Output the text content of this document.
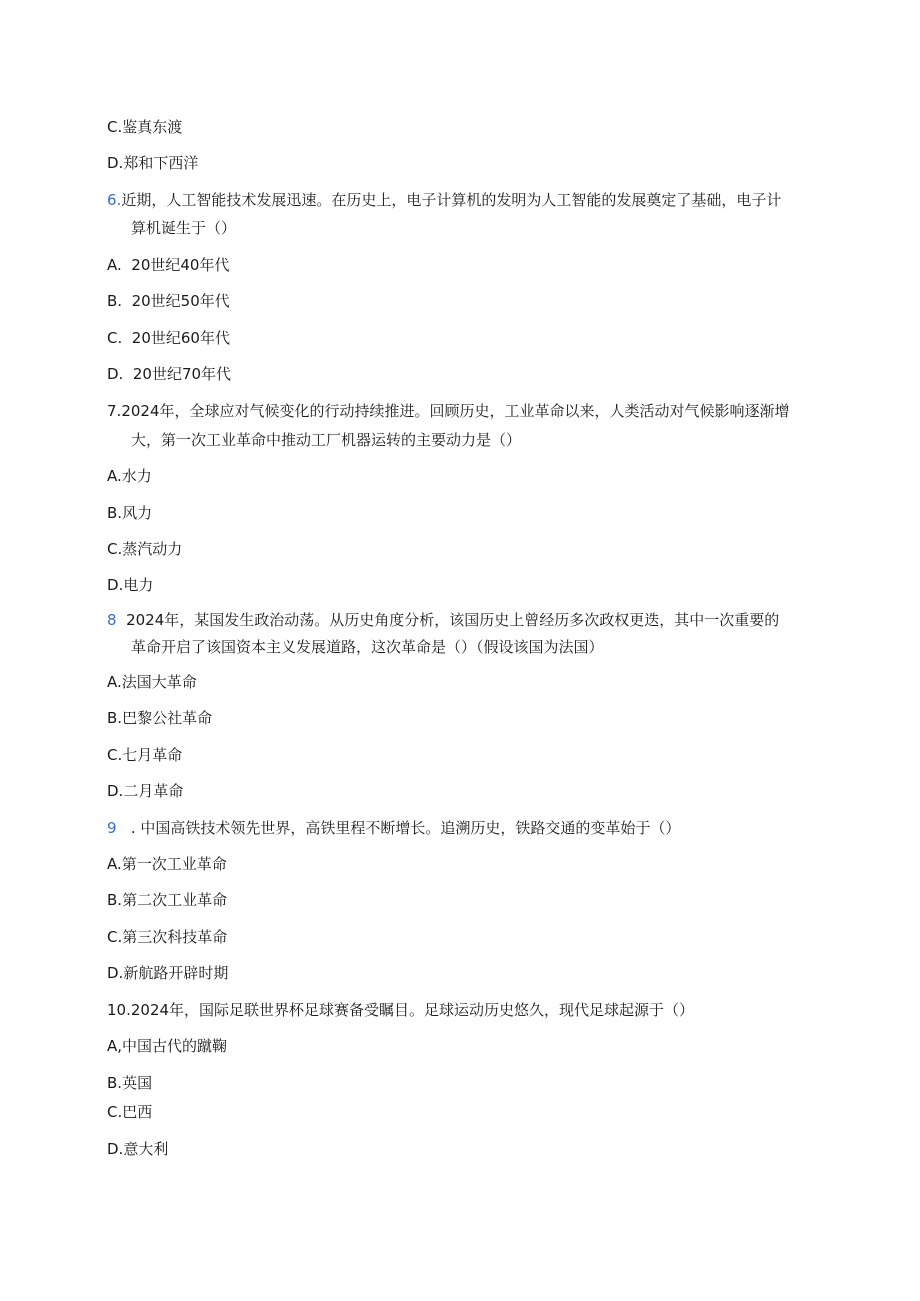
C.鉴真东渡
D.郑和下西洋
6.近期，人工智能技术发展迅速。在历史上，电子计算机的发明为人工智能的发展奠定了基础，电子计
算机诞生于（）
A.  20世纪40年代
B.  20世纪50年代
C.  20世纪60年代
D.  20世纪70年代
7.2024年，全球应对气候变化的行动持续推进。回顾历史，工业革命以来，人类活动对气候影响逐渐增
大，第一次工业革命中推动工厂机器运转的主要动力是（）
A.水力
B.风力
C.蒸汽动力
D.电力
8  2024年，某国发生政治动荡。从历史角度分析，该国历史上曾经历多次政权更迭，其中一次重要的
革命开启了该国资本主义发展道路，这次革命是（）（假设该国为法国）
A.法国大革命
B.巴黎公社革命
C.七月革命
D.二月革命
9   . 中国高铁技术领先世界，高铁里程不断增长。追溯历史，铁路交通的变革始于（）
A.第一次工业革命
B.第二次工业革命
C.第三次科技革命
D.新航路开辟时期
10.2024年，国际足联世界杯足球赛备受瞩目。足球运动历史悠久，现代足球起源于（）
A,中国古代的蹴鞠
B.英国
C.巴西
D.意大利
